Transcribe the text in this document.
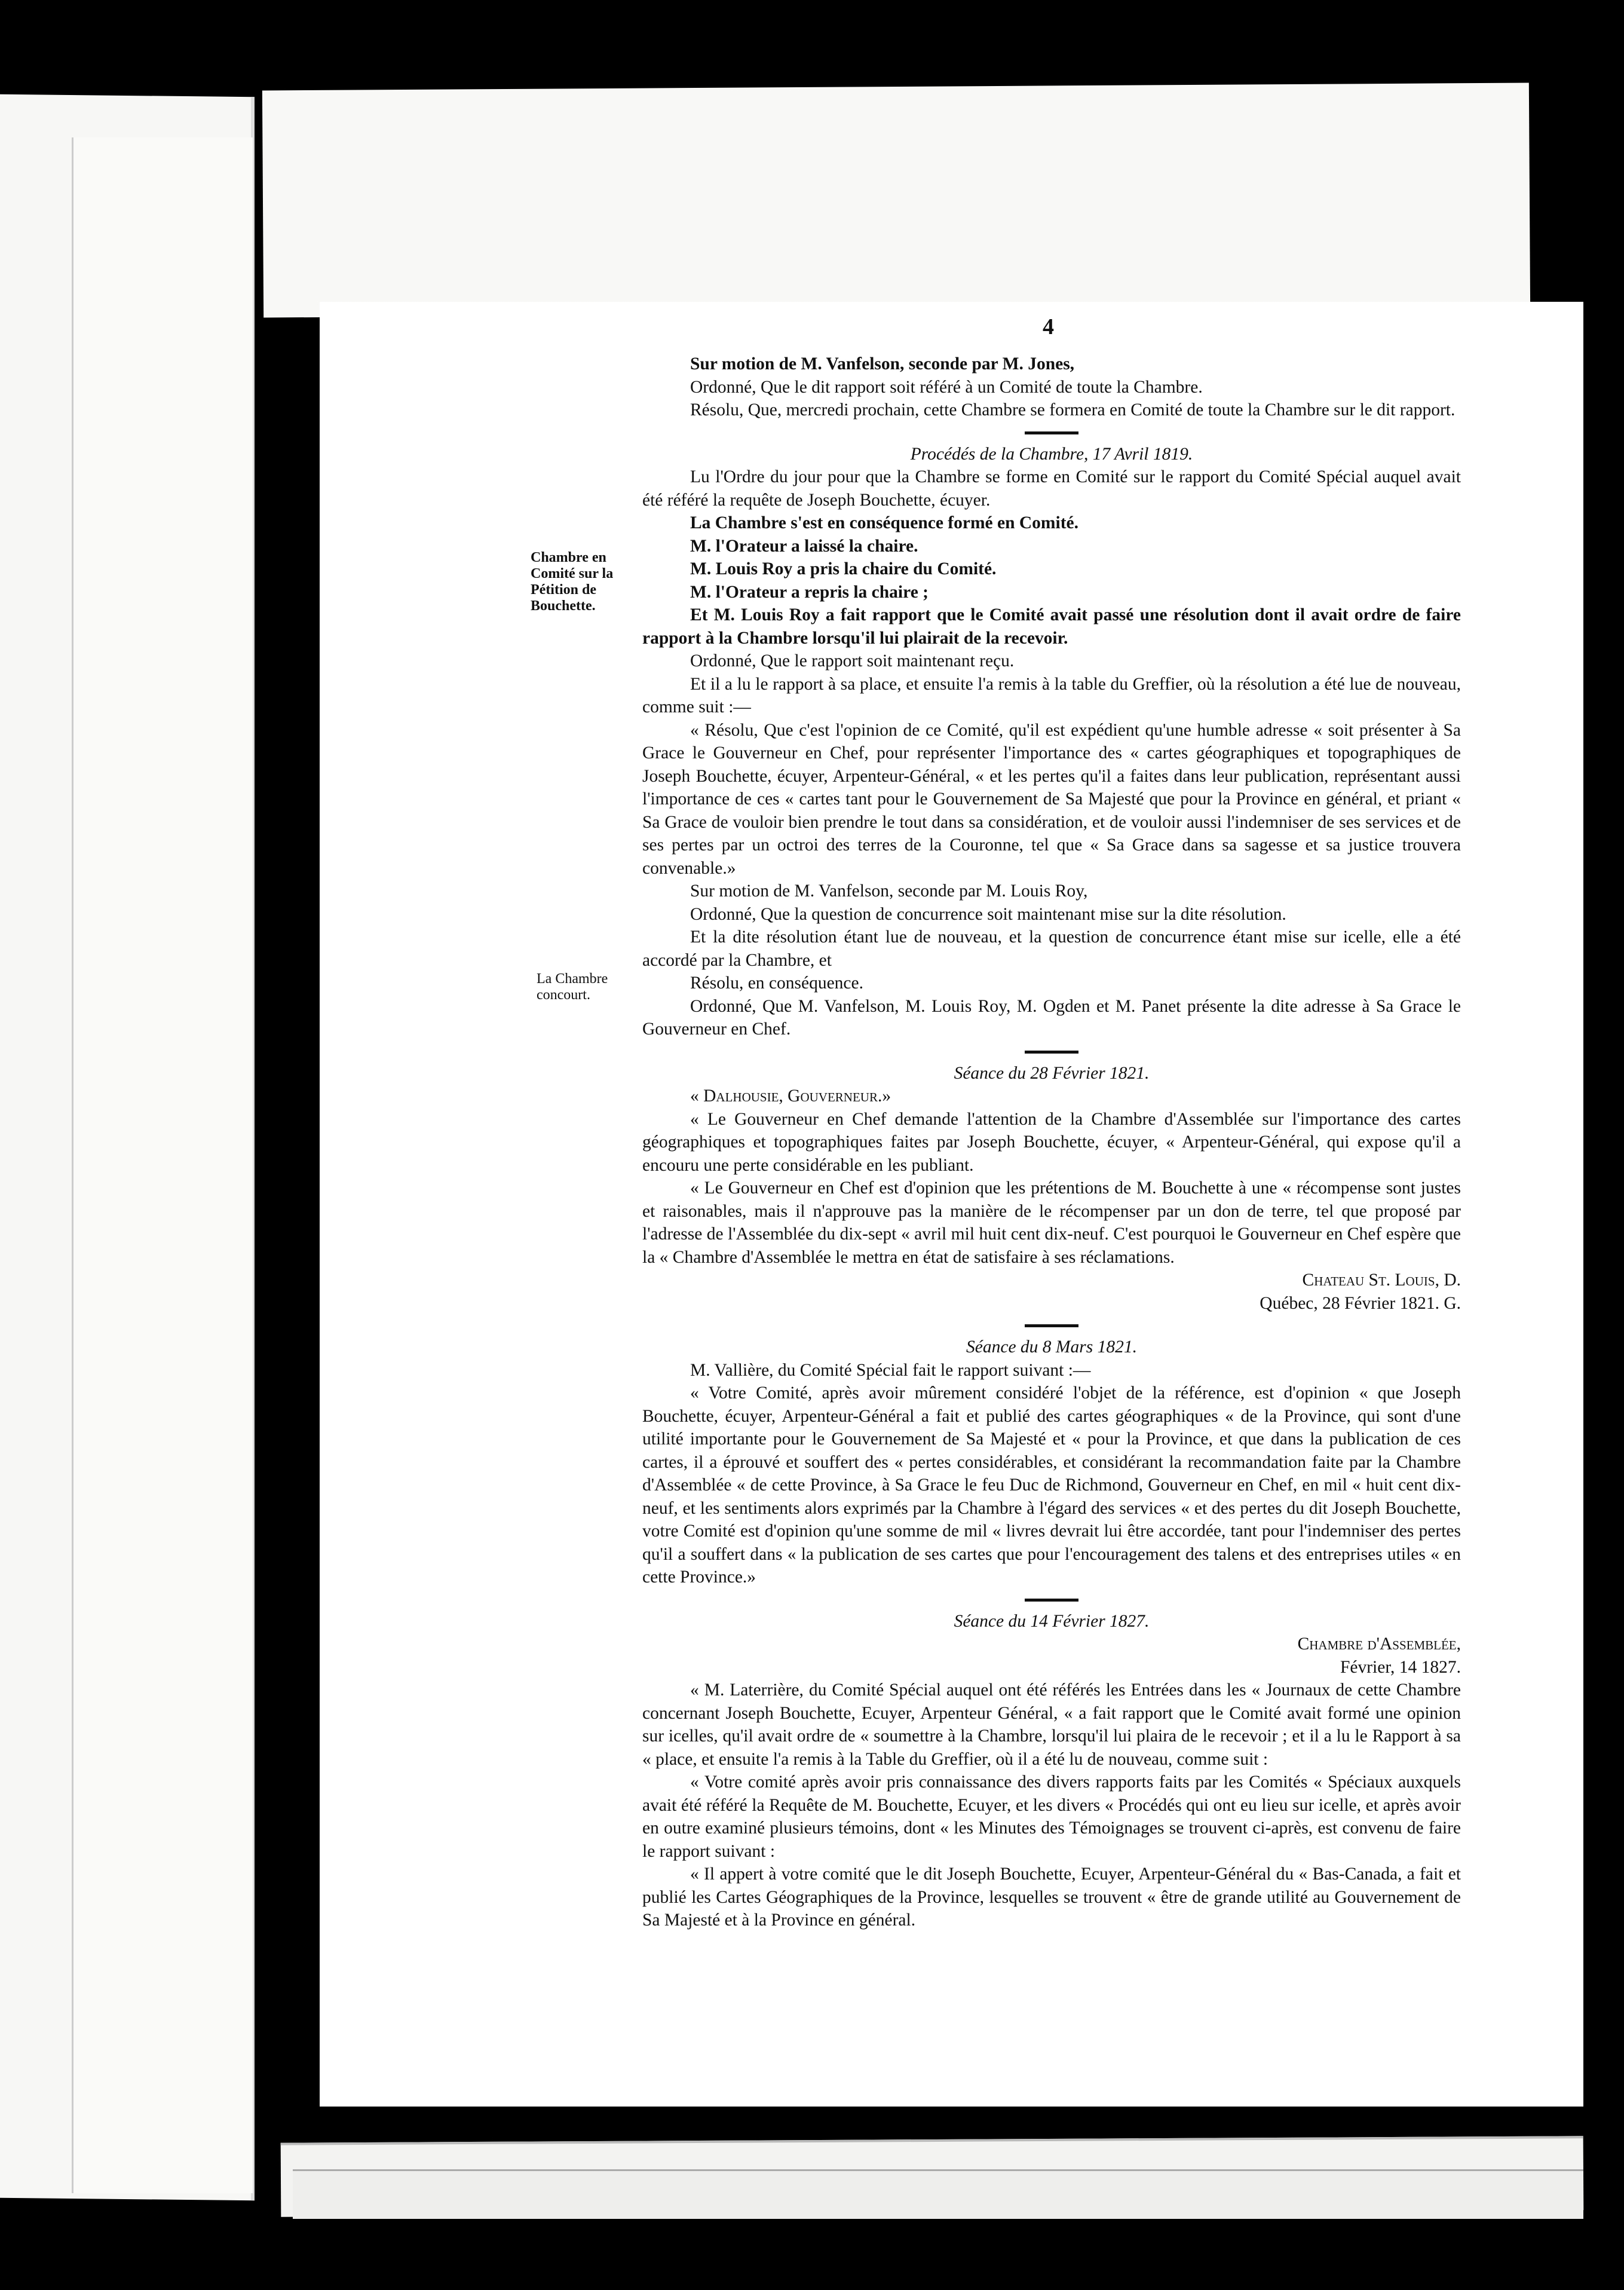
4
Chambre en Comité sur la Pétition de Bouchette.
La Chambre concourt.

Sur motion de M. Vanfelson, seconde par M. Jones,

Ordonné, Que le dit rapport soit référé à un Comité de toute la Chambre.

Résolu, Que, mercredi prochain, cette Chambre se formera en Comité de toute la Chambre sur le dit rapport.

Procédés de la Chambre, 17 Avril 1819.

Lu l'Ordre du jour pour que la Chambre se forme en Comité sur le rapport du Comité Spécial auquel avait été référé la requête de Joseph Bouchette, écuyer.

La Chambre s'est en conséquence formé en Comité.

M. l'Orateur a laissé la chaire.

M. Louis Roy a pris la chaire du Comité.

M. l'Orateur a repris la chaire ;

Et M. Louis Roy a fait rapport que le Comité avait passé une résolution dont il avait ordre de faire rapport à la Chambre lorsqu'il lui plairait de la recevoir.

Ordonné, Que le rapport soit maintenant reçu.

Et il a lu le rapport à sa place, et ensuite l'a remis à la table du Greffier, où la résolution a été lue de nouveau, comme suit :—

« Résolu, Que c'est l'opinion de ce Comité, qu'il est expédient qu'une humble adresse « soit présenter à Sa Grace le Gouverneur en Chef, pour représenter l'importance des « cartes géographiques et topographiques de Joseph Bouchette, écuyer, Arpenteur-Général, « et les pertes qu'il a faites dans leur publication, représentant aussi l'importance de ces « cartes tant pour le Gouvernement de Sa Majesté que pour la Province en général, et priant « Sa Grace de vouloir bien prendre le tout dans sa considération, et de vouloir aussi l'indemniser de ses services et de ses pertes par un octroi des terres de la Couronne, tel que « Sa Grace dans sa sagesse et sa justice trouvera convenable.»

Sur motion de M. Vanfelson, seconde par M. Louis Roy,

Ordonné, Que la question de concurrence soit maintenant mise sur la dite résolution.

Et la dite résolution étant lue de nouveau, et la question de concurrence étant mise sur icelle, elle a été accordé par la Chambre, et

Résolu, en conséquence.

Ordonné, Que M. Vanfelson, M. Louis Roy, M. Ogden et M. Panet présente la dite adresse à Sa Grace le Gouverneur en Chef.

Séance du 28 Février 1821.

« Dalhousie, Gouverneur.»

« Le Gouverneur en Chef demande l'attention de la Chambre d'Assemblée sur l'importance des cartes géographiques et topographiques faites par Joseph Bouchette, écuyer, « Arpenteur-Général, qui expose qu'il a encouru une perte considérable en les publiant.

« Le Gouverneur en Chef est d'opinion que les prétentions de M. Bouchette à une « récompense sont justes et raisonables, mais il n'approuve pas la manière de le récompenser par un don de terre, tel que proposé par l'adresse de l'Assemblée du dix-sept « avril mil huit cent dix-neuf. C'est pourquoi le Gouverneur en Chef espère que la « Chambre d'Assemblée le mettra en état de satisfaire à ses réclamations.

Chateau St. Louis, D.

Québec, 28 Février 1821. G.

Séance du 8 Mars 1821.

M. Vallière, du Comité Spécial fait le rapport suivant :—

« Votre Comité, après avoir mûrement considéré l'objet de la référence, est d'opinion « que Joseph Bouchette, écuyer, Arpenteur-Général a fait et publié des cartes géographiques « de la Province, qui sont d'une utilité importante pour le Gouvernement de Sa Majesté et « pour la Province, et que dans la publication de ces cartes, il a éprouvé et souffert des « pertes considérables, et considérant la recommandation faite par la Chambre d'Assemblée « de cette Province, à Sa Grace le feu Duc de Richmond, Gouverneur en Chef, en mil « huit cent dix-neuf, et les sentiments alors exprimés par la Chambre à l'égard des services « et des pertes du dit Joseph Bouchette, votre Comité est d'opinion qu'une somme de mil « livres devrait lui être accordée, tant pour l'indemniser des pertes qu'il a souffert dans « la publication de ses cartes que pour l'encouragement des talens et des entreprises utiles « en cette Province.»

Séance du 14 Février 1827.

Chambre d'Assemblée,

Février, 14 1827.

« M. Laterrière, du Comité Spécial auquel ont été référés les Entrées dans les « Journaux de cette Chambre concernant Joseph Bouchette, Ecuyer, Arpenteur Général, « a fait rapport que le Comité avait formé une opinion sur icelles, qu'il avait ordre de « soumettre à la Chambre, lorsqu'il lui plaira de le recevoir ; et il a lu le Rapport à sa « place, et ensuite l'a remis à la Table du Greffier, où il a été lu de nouveau, comme suit :

« Votre comité après avoir pris connaissance des divers rapports faits par les Comités « Spéciaux auxquels avait été référé la Requête de M. Bouchette, Ecuyer, et les divers « Procédés qui ont eu lieu sur icelle, et après avoir en outre examiné plusieurs témoins, dont « les Minutes des Témoignages se trouvent ci-après, est convenu de faire le rapport suivant :

« Il appert à votre comité que le dit Joseph Bouchette, Ecuyer, Arpenteur-Général du « Bas-Canada, a fait et publié les Cartes Géographiques de la Province, lesquelles se trouvent « être de grande utilité au Gouvernement de Sa Majesté et à la Province en général.
